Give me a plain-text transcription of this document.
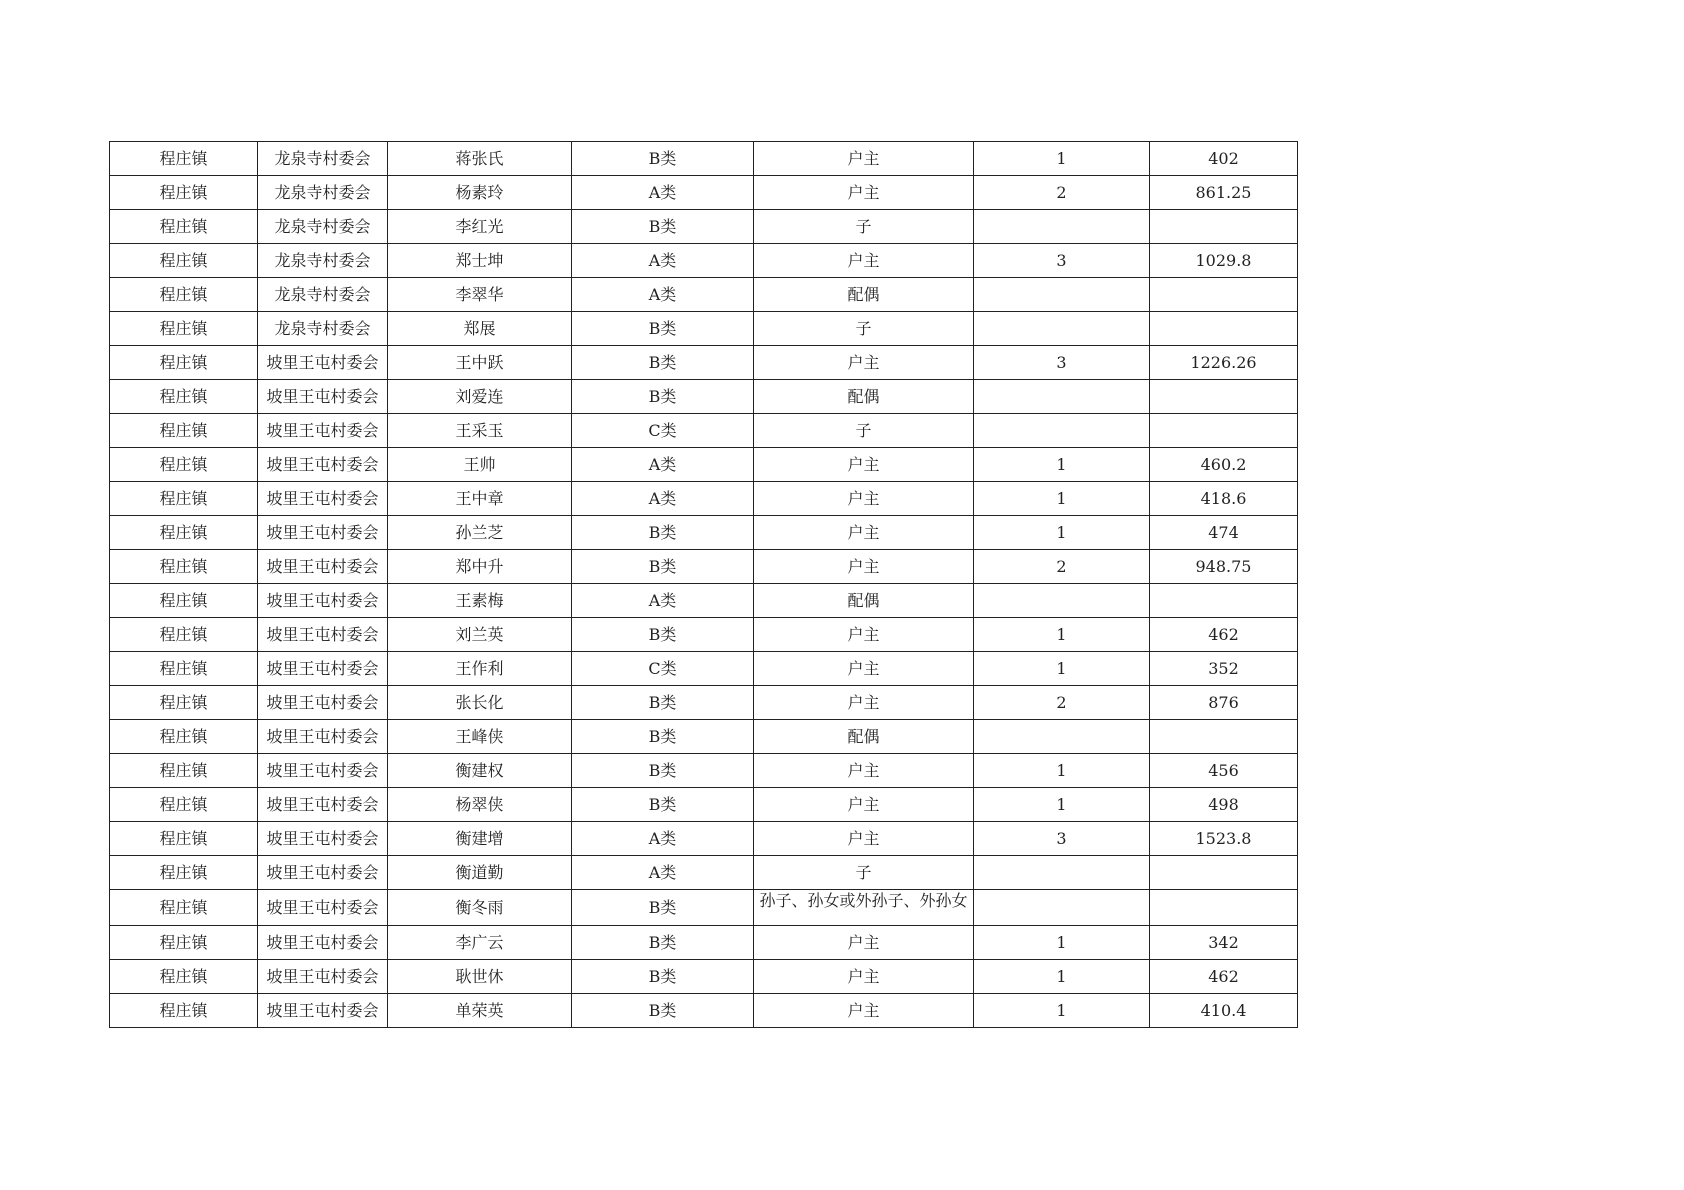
程庄镇	龙泉寺村委会	蒋张氏	B类	户主	1	402
程庄镇	龙泉寺村委会	杨素玲	A类	户主	2	861.25
程庄镇	龙泉寺村委会	李红光	B类	子		
程庄镇	龙泉寺村委会	郑士坤	A类	户主	3	1029.8
程庄镇	龙泉寺村委会	李翠华	A类	配偶		
程庄镇	龙泉寺村委会	郑展	B类	子		
程庄镇	坡里王屯村委会	王中跃	B类	户主	3	1226.26
程庄镇	坡里王屯村委会	刘爱连	B类	配偶		
程庄镇	坡里王屯村委会	王采玉	C类	子		
程庄镇	坡里王屯村委会	王帅	A类	户主	1	460.2
程庄镇	坡里王屯村委会	王中章	A类	户主	1	418.6
程庄镇	坡里王屯村委会	孙兰芝	B类	户主	1	474
程庄镇	坡里王屯村委会	郑中升	B类	户主	2	948.75
程庄镇	坡里王屯村委会	王素梅	A类	配偶		
程庄镇	坡里王屯村委会	刘兰英	B类	户主	1	462
程庄镇	坡里王屯村委会	王作利	C类	户主	1	352
程庄镇	坡里王屯村委会	张长化	B类	户主	2	876
程庄镇	坡里王屯村委会	王峰侠	B类	配偶		
程庄镇	坡里王屯村委会	衡建权	B类	户主	1	456
程庄镇	坡里王屯村委会	杨翠侠	B类	户主	1	498
程庄镇	坡里王屯村委会	衡建增	A类	户主	3	1523.8
程庄镇	坡里王屯村委会	衡道勤	A类	子		
程庄镇	坡里王屯村委会	衡冬雨	B类	孙子、孙女或外孙子、外孙女		
程庄镇	坡里王屯村委会	李广云	B类	户主	1	342
程庄镇	坡里王屯村委会	耿世休	B类	户主	1	462
程庄镇	坡里王屯村委会	单荣英	B类	户主	1	410.4
